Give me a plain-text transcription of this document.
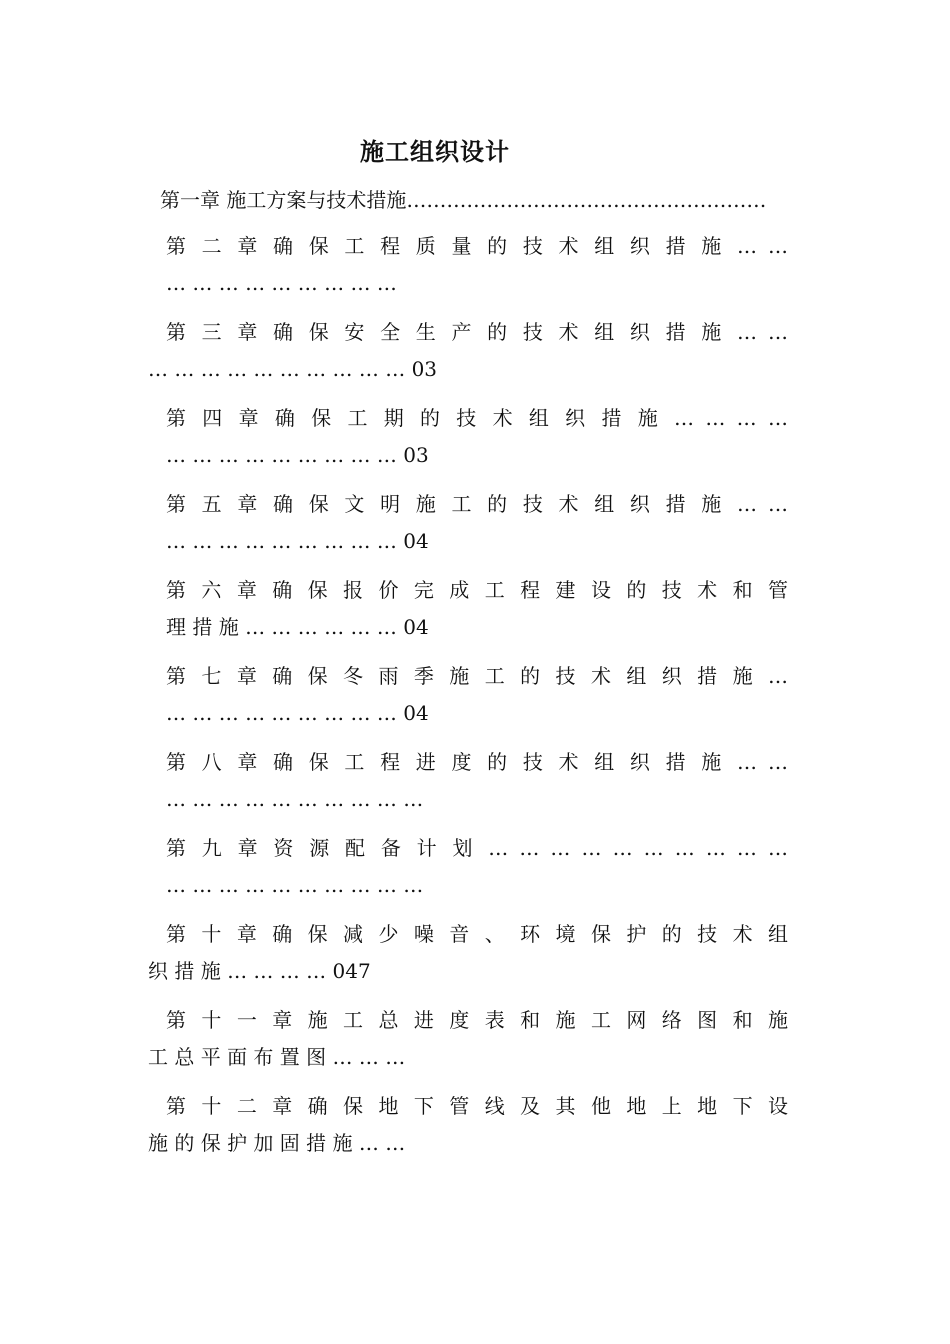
施工组织设计
第一章 施工方案与技术措施………………………………………………
第 二 章 确 保 工 程 质 量 的 技 术 组 织 措 施 … …
… … … … … … … … …
第 三 章 确 保 安 全 生 产 的 技 术 组 织 措 施 … …
… … … … … … … … … … 03
第 四 章 确 保 工 期 的 技 术 组 织 措 施 … … … …
… … … … … … … … … 03
第 五 章 确 保 文 明 施 工 的 技 术 组 织 措 施 … …
… … … … … … … … … 04
第 六 章 确 保 报 价 完 成 工 程 建 设 的 技 术 和 管
理 措 施 … … … … … … 04
第 七 章 确 保 冬 雨 季 施 工 的 技 术 组 织 措 施 …
… … … … … … … … … 04
第 八 章 确 保 工 程 进 度 的 技 术 组 织 措 施 … …
… … … … … … … … … …
第 九 章 资 源 配 备 计 划 … … … … … … … … … …
… … … … … … … … … …
第 十 章 确 保 减 少 噪 音 、 环 境 保 护 的 技 术 组
织 措 施 … … … … 047
第 十 一 章 施 工 总 进 度 表 和 施 工 网 络 图 和 施
工 总 平 面 布 置 图 … … …
第 十 二 章 确 保 地 下 管 线 及 其 他 地 上 地 下 设
施 的 保 护 加 固 措 施 … …
